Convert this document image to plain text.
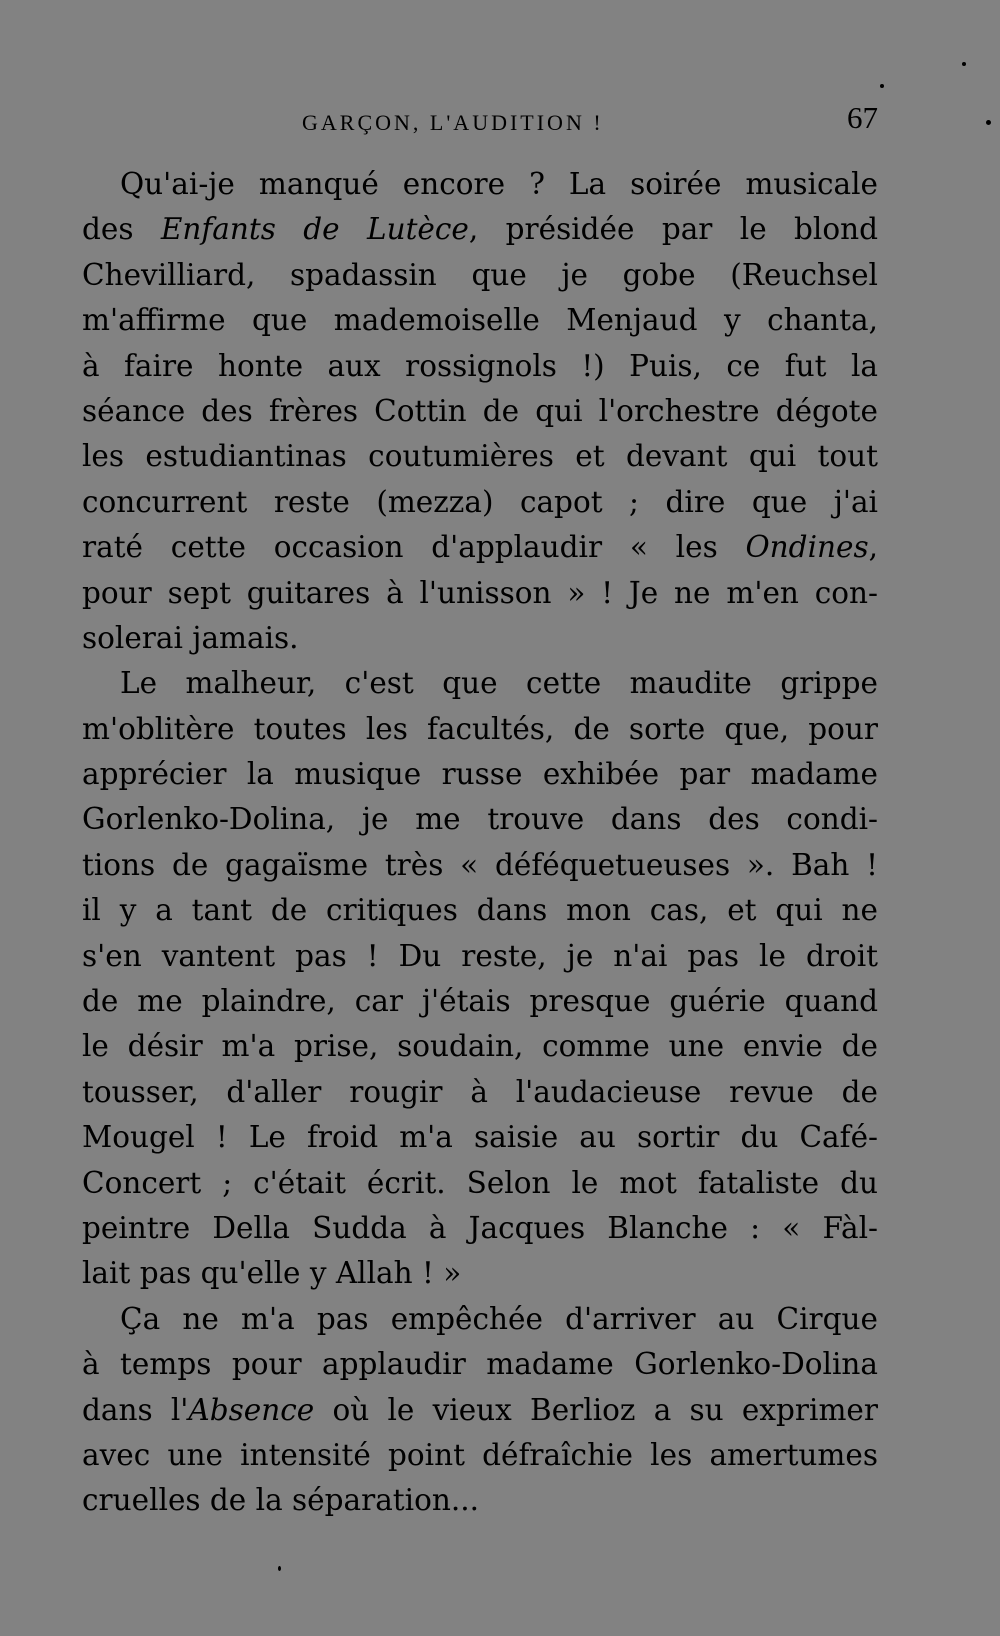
GARÇON, L'AUDITION !	67
Qu'ai-je manqué encore ? La soirée musicale
des Enfants de Lutèce, présidée par le blond
Chevilliard, spadassin que je gobe (Reuchsel
m'affirme que mademoiselle Menjaud y chanta,
à faire honte aux rossignols !) Puis, ce fut la
séance des frères Cottin de qui l'orchestre dégote
les estudiantinas coutumières et devant qui tout
concurrent reste (mezza) capot ; dire que j'ai
raté cette occasion d'applaudir « les Ondines,
pour sept guitares à l'unisson » ! Je ne m'en con-
solerai jamais.
Le malheur, c'est que cette maudite grippe
m'oblitère toutes les facultés, de sorte que, pour
apprécier la musique russe exhibée par madame
Gorlenko-Dolina, je me trouve dans des condi-
tions de gagaïsme très « déféquetueuses ». Bah !
il y a tant de critiques dans mon cas, et qui ne
s'en vantent pas ! Du reste, je n'ai pas le droit
de me plaindre, car j'étais presque guérie quand
le désir m'a prise, soudain, comme une envie de
tousser, d'aller rougir à l'audacieuse revue de
Mougel ! Le froid m'a saisie au sortir du Café-
Concert ; c'était écrit. Selon le mot fataliste du
peintre Della Sudda à Jacques Blanche : « Fàl-
lait pas qu'elle y Allah ! »
Ça ne m'a pas empêchée d'arriver au Cirque
à temps pour applaudir madame Gorlenko-Dolina
dans l'Absence où le vieux Berlioz a su exprimer
avec une intensité point défraîchie les amertumes
cruelles de la séparation...
